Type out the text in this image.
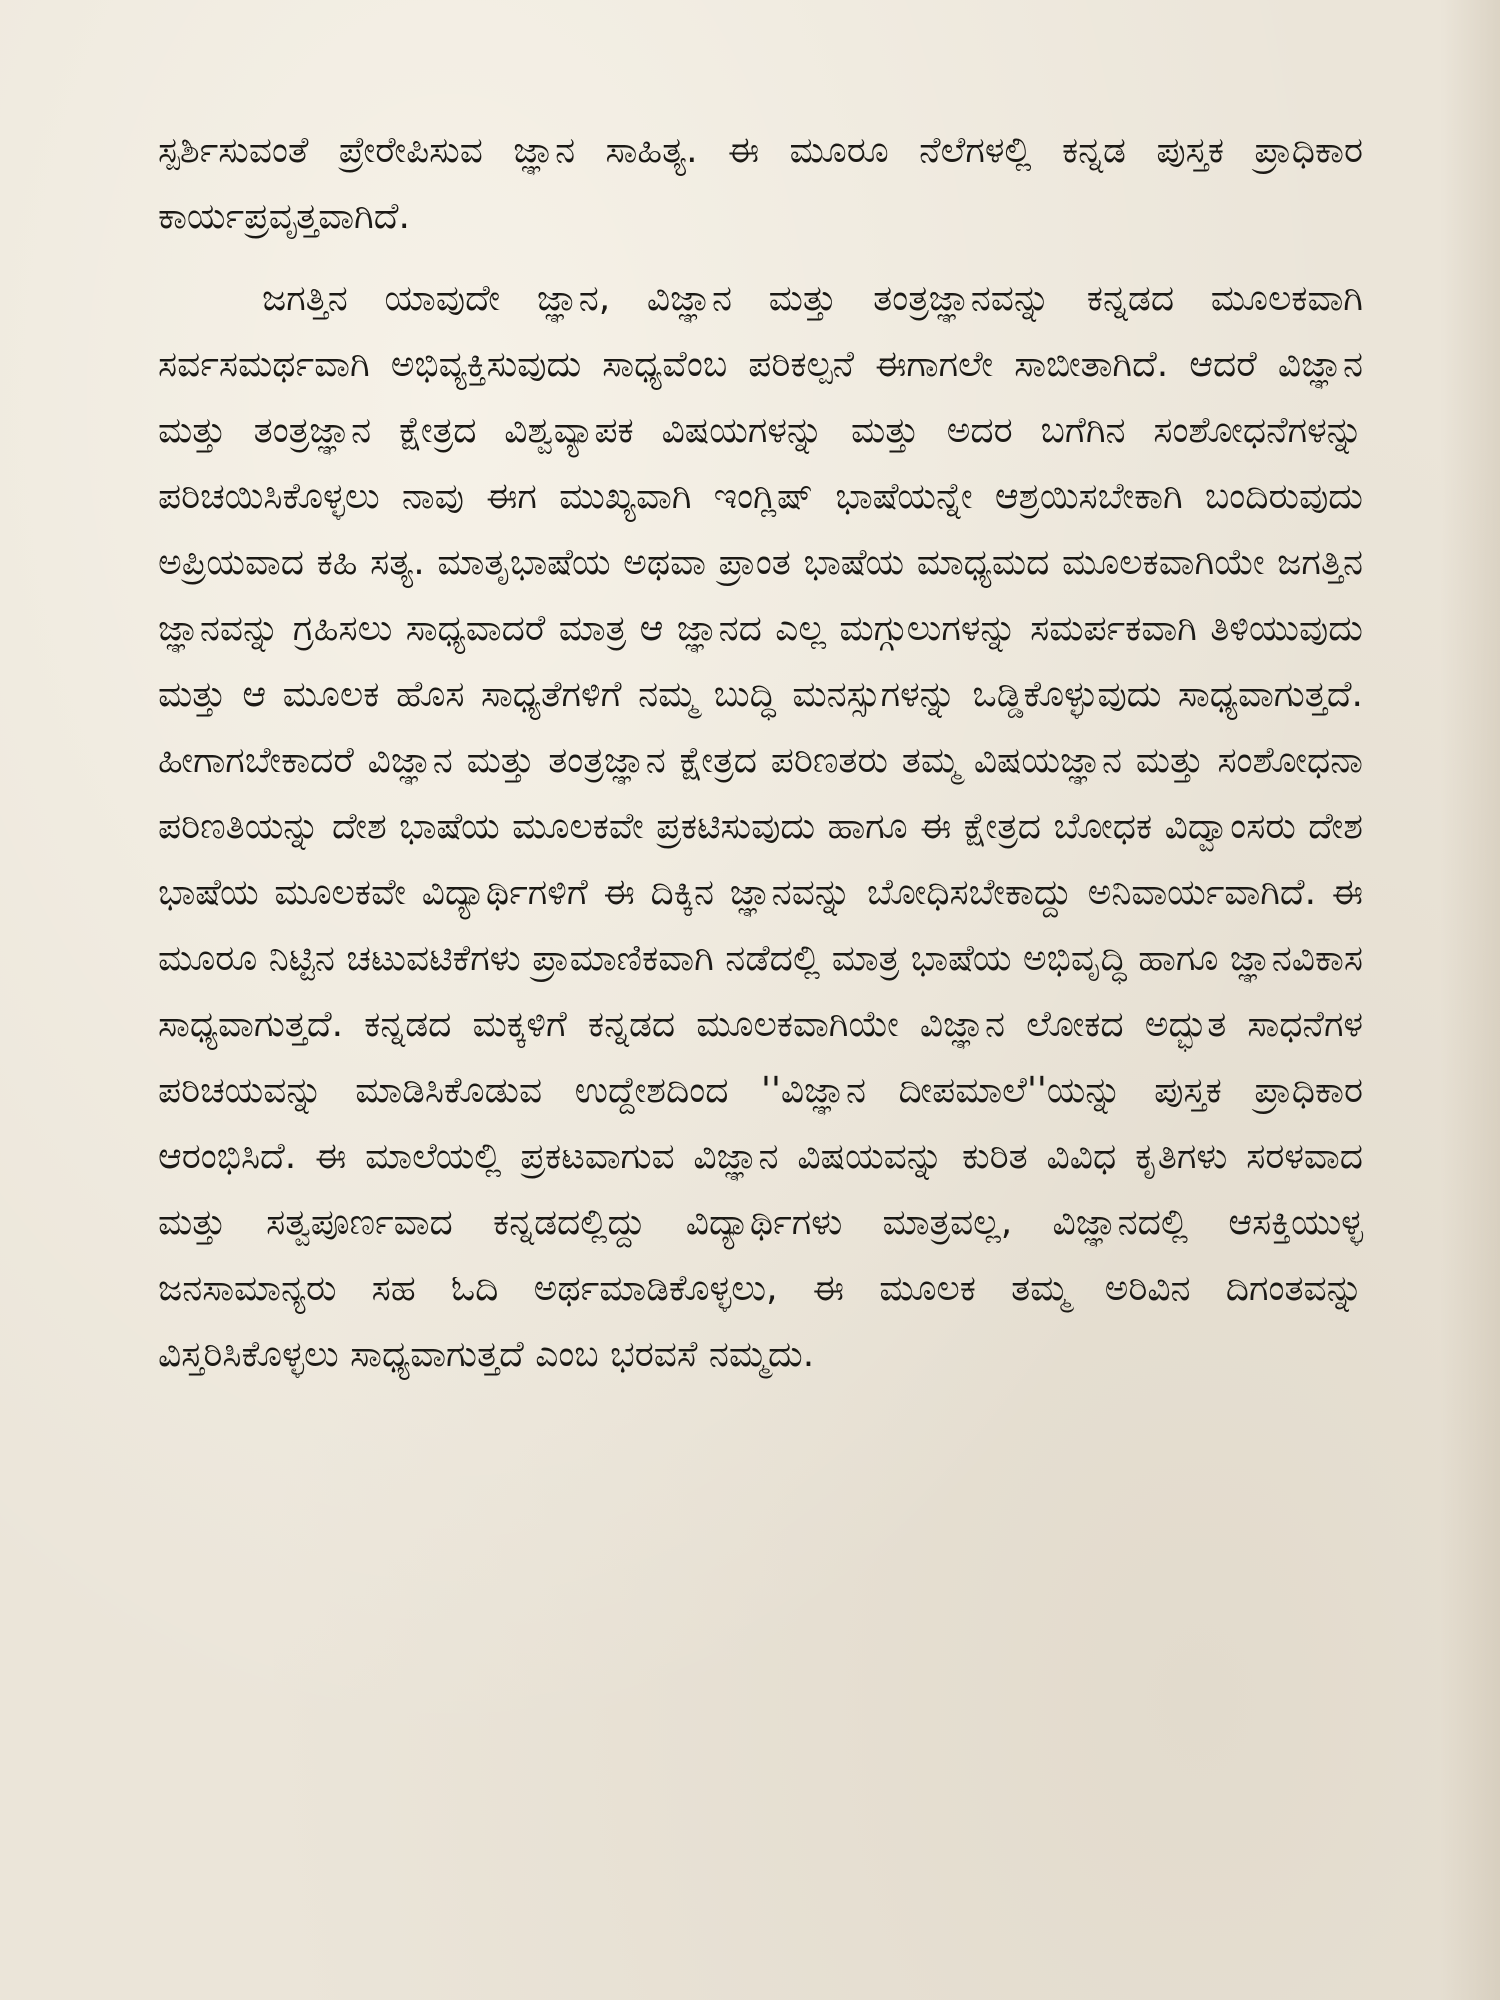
ಸ್ಪರ್ಶಿಸುವಂತೆ ಪ್ರೇರೇಪಿಸುವ ಜ್ಞಾನ ಸಾಹಿತ್ಯ. ಈ ಮೂರೂ ನೆಲೆಗಳಲ್ಲಿ ಕನ್ನಡ ಪುಸ್ತಕ ಪ್ರಾಧಿಕಾರ ಕಾರ್ಯಪ್ರವೃತ್ತವಾಗಿದೆ.

ಜಗತ್ತಿನ ಯಾವುದೇ ಜ್ಞಾನ, ವಿಜ್ಞಾನ ಮತ್ತು ತಂತ್ರಜ್ಞಾನವನ್ನು ಕನ್ನಡದ ಮೂಲಕವಾಗಿ ಸರ್ವಸಮರ್ಥವಾಗಿ ಅಭಿವ್ಯಕ್ತಿಸುವುದು ಸಾಧ್ಯವೆಂಬ ಪರಿಕಲ್ಪನೆ ಈಗಾಗಲೇ ಸಾಬೀತಾಗಿದೆ. ಆದರೆ ವಿಜ್ಞಾನ ಮತ್ತು ತಂತ್ರಜ್ಞಾನ ಕ್ಷೇತ್ರದ ವಿಶ್ವವ್ಯಾಪಕ ವಿಷಯಗಳನ್ನು ಮತ್ತು ಅದರ ಬಗೆಗಿನ ಸಂಶೋಧನೆಗಳನ್ನು ಪರಿಚಯಿಸಿಕೊಳ್ಳಲು ನಾವು ಈಗ ಮುಖ್ಯವಾಗಿ ಇಂಗ್ಲಿಷ್ ಭಾಷೆಯನ್ನೇ ಆಶ್ರಯಿಸಬೇಕಾಗಿ ಬಂದಿರುವುದು ಅಪ್ರಿಯವಾದ ಕಹಿ ಸತ್ಯ. ಮಾತೃಭಾಷೆಯ ಅಥವಾ ಪ್ರಾಂತ ಭಾಷೆಯ ಮಾಧ್ಯಮದ ಮೂಲಕವಾಗಿಯೇ ಜಗತ್ತಿನ ಜ್ಞಾನವನ್ನು ಗ್ರಹಿಸಲು ಸಾಧ್ಯವಾದರೆ ಮಾತ್ರ ಆ ಜ್ಞಾನದ ಎಲ್ಲ ಮಗ್ಗುಲುಗಳನ್ನು ಸಮರ್ಪಕವಾಗಿ ತಿಳಿಯುವುದು ಮತ್ತು ಆ ಮೂಲಕ ಹೊಸ ಸಾಧ್ಯತೆಗಳಿಗೆ ನಮ್ಮ ಬುದ್ಧಿ ಮನಸ್ಸುಗಳನ್ನು ಒಡ್ಡಿಕೊಳ್ಳುವುದು ಸಾಧ್ಯವಾಗುತ್ತದೆ. ಹೀಗಾಗಬೇಕಾದರೆ ವಿಜ್ಞಾನ ಮತ್ತು ತಂತ್ರಜ್ಞಾನ ಕ್ಷೇತ್ರದ ಪರಿಣತರು ತಮ್ಮ ವಿಷಯಜ್ಞಾನ ಮತ್ತು ಸಂಶೋಧನಾ ಪರಿಣತಿಯನ್ನು ದೇಶ ಭಾಷೆಯ ಮೂಲಕವೇ ಪ್ರಕಟಿಸುವುದು ಹಾಗೂ ಈ ಕ್ಷೇತ್ರದ ಬೋಧಕ ವಿದ್ವಾಂಸರು ದೇಶ ಭಾಷೆಯ ಮೂಲಕವೇ ವಿದ್ಯಾರ್ಥಿಗಳಿಗೆ ಈ ದಿಕ್ಕಿನ ಜ್ಞಾನವನ್ನು ಬೋಧಿಸಬೇಕಾದ್ದು ಅನಿವಾರ್ಯವಾಗಿದೆ. ಈ ಮೂರೂ ನಿಟ್ಟಿನ ಚಟುವಟಿಕೆಗಳು ಪ್ರಾಮಾಣಿಕವಾಗಿ ನಡೆದಲ್ಲಿ ಮಾತ್ರ ಭಾಷೆಯ ಅಭಿವೃದ್ಧಿ ಹಾಗೂ ಜ್ಞಾನವಿಕಾಸ ಸಾಧ್ಯವಾಗುತ್ತದೆ. ಕನ್ನಡದ ಮಕ್ಕಳಿಗೆ ಕನ್ನಡದ ಮೂಲಕವಾಗಿಯೇ ವಿಜ್ಞಾನ ಲೋಕದ ಅದ್ಭುತ ಸಾಧನೆಗಳ ಪರಿಚಯವನ್ನು ಮಾಡಿಸಿಕೊಡುವ ಉದ್ದೇಶದಿಂದ ''ವಿಜ್ಞಾನ ದೀಪಮಾಲೆ''ಯನ್ನು ಪುಸ್ತಕ ಪ್ರಾಧಿಕಾರ ಆರಂಭಿಸಿದೆ. ಈ ಮಾಲೆಯಲ್ಲಿ ಪ್ರಕಟವಾಗುವ ವಿಜ್ಞಾನ ವಿಷಯವನ್ನು ಕುರಿತ ವಿವಿಧ ಕೃತಿಗಳು ಸರಳವಾದ ಮತ್ತು ಸತ್ವಪೂರ್ಣವಾದ ಕನ್ನಡದಲ್ಲಿದ್ದು ವಿದ್ಯಾರ್ಥಿಗಳು ಮಾತ್ರವಲ್ಲ, ವಿಜ್ಞಾನದಲ್ಲಿ ಆಸಕ್ತಿಯುಳ್ಳ ಜನಸಾಮಾನ್ಯರು ಸಹ ಓದಿ ಅರ್ಥಮಾಡಿಕೊಳ್ಳಲು, ಈ ಮೂಲಕ ತಮ್ಮ ಅರಿವಿನ ದಿಗಂತವನ್ನು ವಿಸ್ತರಿಸಿಕೊಳ್ಳಲು ಸಾಧ್ಯವಾಗುತ್ತದೆ ಎಂಬ ಭರವಸೆ ನಮ್ಮದು.
